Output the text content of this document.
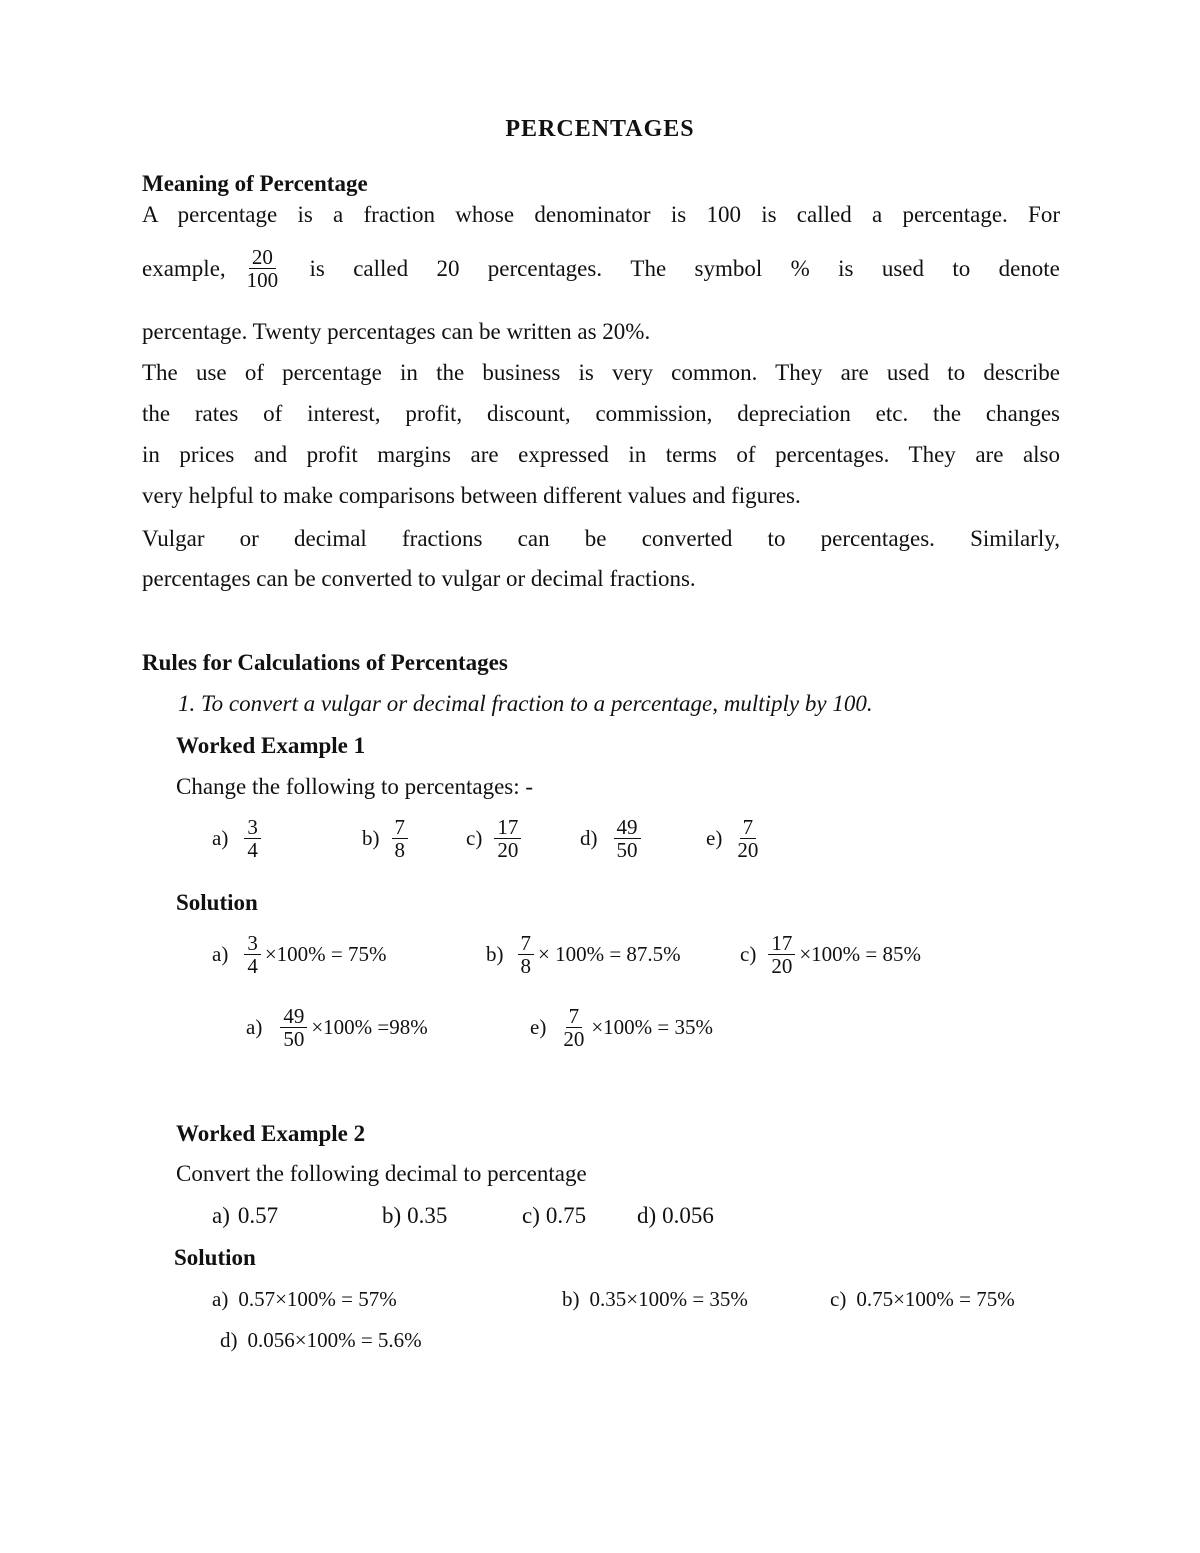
PERCENTAGES
Meaning of Percentage
A percentage is a fraction whose denominator is 100 is called a percentage. For
example, $\frac{20}{100}$ is called 20 percentages. The symbol % is used to denote
percentage. Twenty percentages can be written as 20%.
The use of percentage in the business is very common. They are used to describe
the rates of interest, profit, discount, commission, depreciation etc. the changes
in prices and profit margins are expressed in terms of percentages. They are also
very helpful to make comparisons between different values and figures.
Vulgar or decimal fractions can be converted to percentages. Similarly,
percentages can be converted to vulgar or decimal fractions.
Rules for Calculations of Percentages
1. To convert a vulgar or decimal fraction to a percentage, multiply by 100.
Worked Example 1
Change the following to percentages: -
$a) \frac{3}{4}$	$b) \frac{7}{8}$	$c) \frac{17}{20}$	$d) \frac{49}{50}$	$e) \frac{7}{20}$
Solution
$a) \frac{3}{4} \times 100\% = 75\%$	$b) \frac{7}{8} \times 100\% = 87.5\%$	$c) \frac{17}{20} \times 100\% = 85\%$
$a) \frac{49}{50} \times 100\% =98\%$	$e) \frac{7}{20} \times 100\% = 35\%$
Worked Example 2
Convert the following decimal to percentage
a) 0.57	b) 0.35	c) 0.75 d) 0.056
Solution
a) 0.57×100% = 57%	b) 0.35×100% = 35%	c) 0.75×100% = 75%
d) 0.056×100% = 5.6%
